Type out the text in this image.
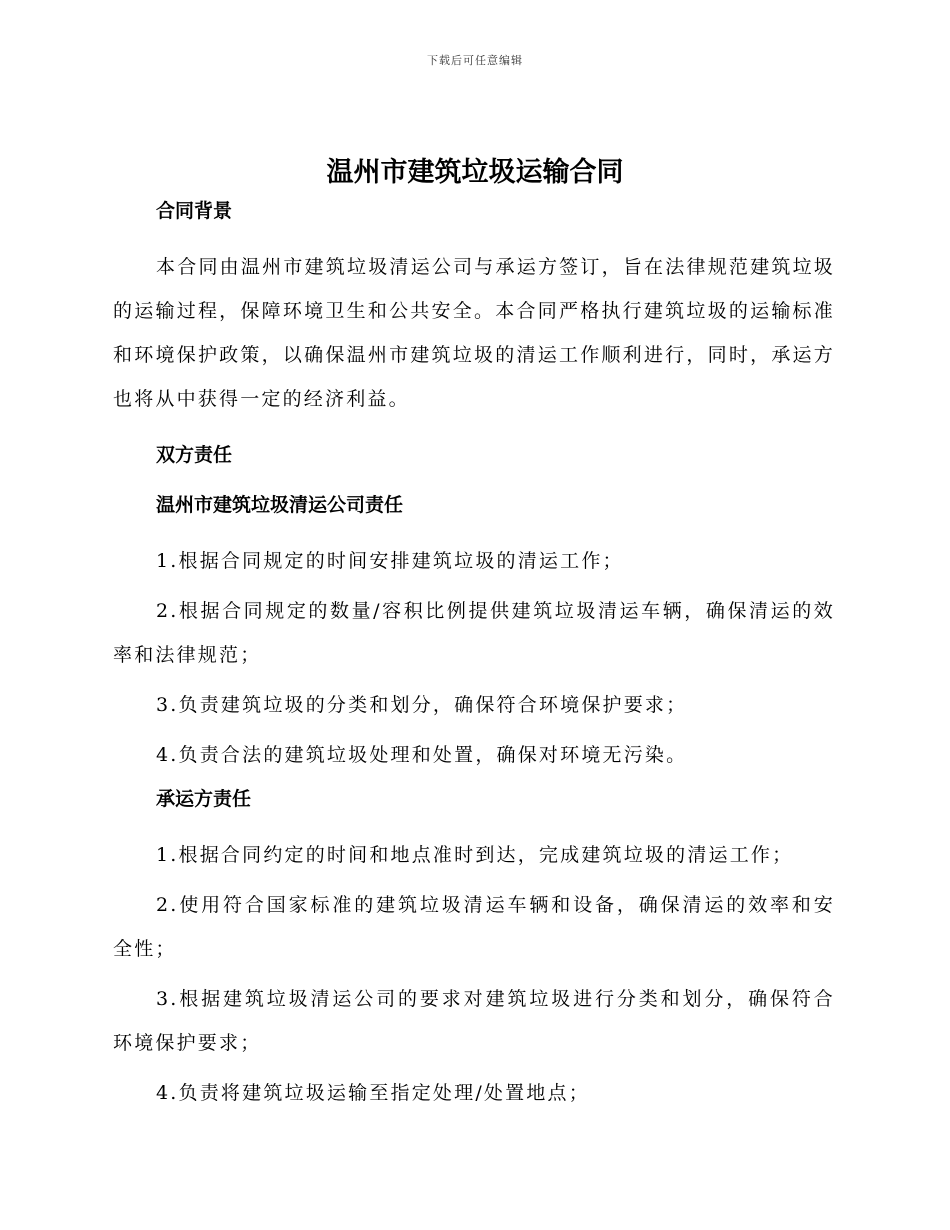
下载后可任意编辑
温州市建筑垃圾运输合同
合同背景

本合同由温州市建筑垃圾清运公司与承运方签订，旨在法律规范建筑垃圾的运输过程，保障环境卫生和公共安全。本合同严格执行建筑垃圾的运输标准和环境保护政策，以确保温州市建筑垃圾的清运工作顺利进行，同时，承运方也将从中获得一定的经济利益。

双方责任
温州市建筑垃圾清运公司责任

1.根据合同规定的时间安排建筑垃圾的清运工作；

2.根据合同规定的数量/容积比例提供建筑垃圾清运车辆，确保清运的效率和法律规范；

3.负责建筑垃圾的分类和划分，确保符合环境保护要求；

4.负责合法的建筑垃圾处理和处置，确保对环境无污染。

承运方责任

1.根据合同约定的时间和地点准时到达，完成建筑垃圾的清运工作；

2.使用符合国家标准的建筑垃圾清运车辆和设备，确保清运的效率和安全性；

3.根据建筑垃圾清运公司的要求对建筑垃圾进行分类和划分，确保符合环境保护要求；

4.负责将建筑垃圾运输至指定处理/处置地点；
